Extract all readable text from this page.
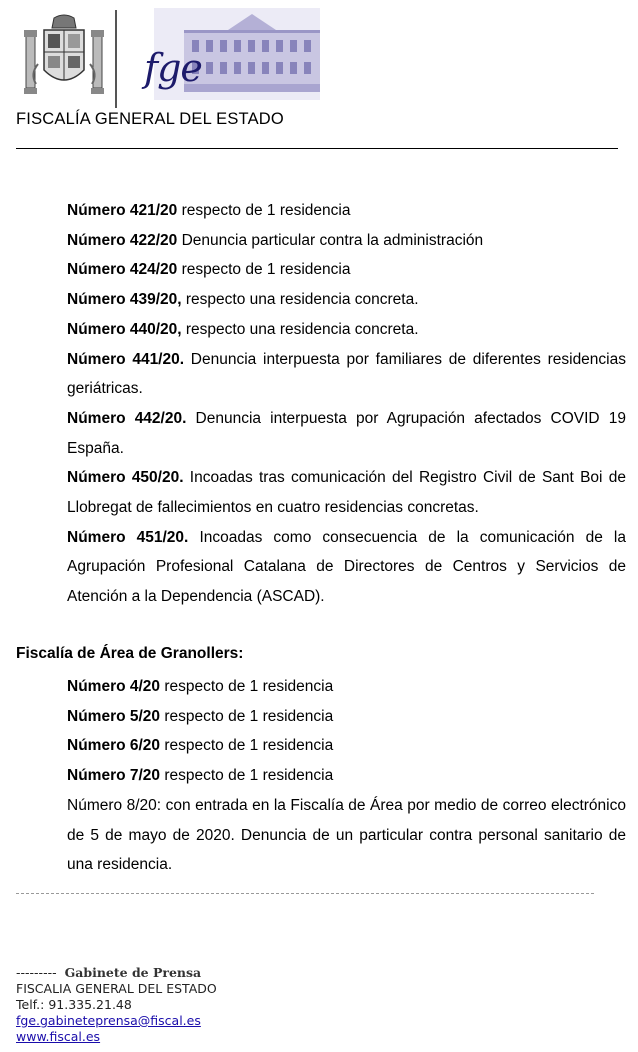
fge
FISCALÍA GENERAL DEL ESTADO

Número 421/20 respecto de 1 residencia

Número 422/20 Denuncia particular contra la administración

Número 424/20 respecto de 1 residencia

Número 439/20, respecto una residencia concreta.

Número 440/20, respecto una residencia concreta.

Número 441/20. Denuncia interpuesta por familiares de diferentes residencias geriátricas.

Número 442/20. Denuncia interpuesta por Agrupación afectados COVID 19 España.

Número 450/20. Incoadas tras comunicación del Registro Civil de Sant Boi de Llobregat de fallecimientos en cuatro residencias concretas.

Número 451/20. Incoadas como consecuencia de la comunicación de la Agrupación Profesional Catalana de Directores de Centros y Servicios de Atención a la Dependencia (ASCAD).

Fiscalía de Área de Granollers:

Número 4/20 respecto de 1 residencia

Número 5/20 respecto de 1 residencia

Número 6/20 respecto de 1 residencia

Número 7/20 respecto de 1 residencia

Número 8/20: con entrada en la Fiscalía de Área por medio de correo electrónico de 5 de mayo de 2020. Denuncia de un particular contra personal sanitario de una residencia.

--------- Gabinete de Prensa
FISCALIA GENERAL DEL ESTADO
Telf.: 91.335.21.48
fge.gabineteprensa@fiscal.es
www.fiscal.es
